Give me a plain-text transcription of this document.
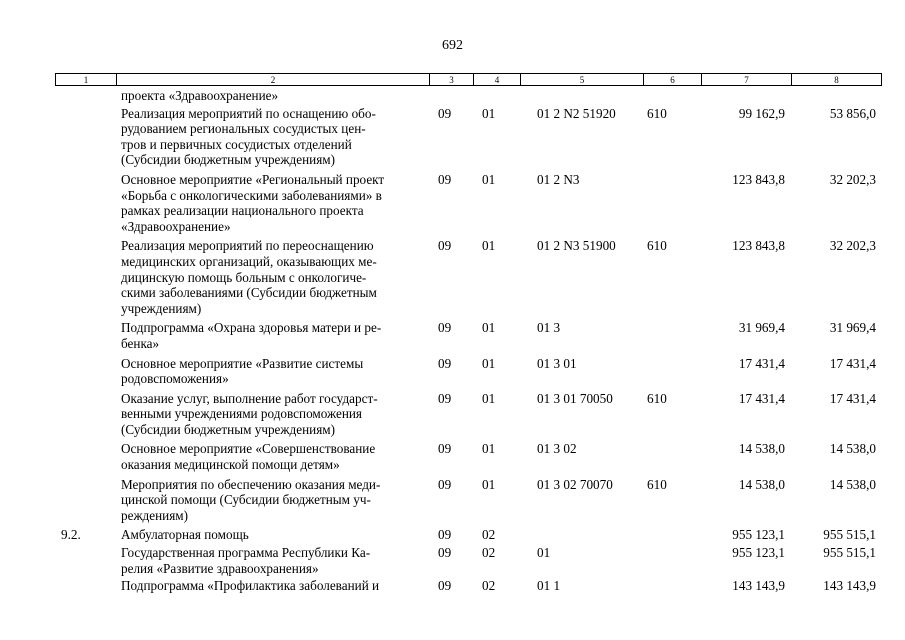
692
1	2	3	4	5	6	7	8

	проекта «Здравоохранение»						

	Реализация мероприятий по оснащению обо-
рудованием региональных сосудистых цен-
тров и первичных сосудистых отделений
(Субсидии бюджетным учреждениям)	09	01	01 2 N2 51920	610	99 162,9	53 856,0

	Основное мероприятие «Региональный проект
«Борьба с онкологическими заболеваниями» в
рамках реализации национального проекта
«Здравоохранение»	09	01	01 2 N3		123 843,8	32 202,3

	Реализация мероприятий по переоснащению
медицинских организаций, оказывающих ме-
дицинскую помощь больным с онкологиче-
скими заболеваниями (Субсидии бюджетным
учреждениям)	09	01	01 2 N3 51900	610	123 843,8	32 202,3

	Подпрограмма «Охрана здоровья матери и ре-
бенка»	09	01	01 3		31 969,4	31 969,4

	Основное мероприятие «Развитие системы
родовспоможения»	09	01	01 3 01		17 431,4	17 431,4

	Оказание услуг, выполнение работ государст-
венными учреждениями родовспоможения
(Субсидии бюджетным учреждениям)	09	01	01 3 01 70050	610	17 431,4	17 431,4

	Основное мероприятие «Совершенствование
оказания медицинской помощи детям»	09	01	01 3 02		14 538,0	14 538,0

	Мероприятия по обеспечению оказания меди-
цинской помощи (Субсидии бюджетным уч-
реждениям)	09	01	01 3 02 70070	610	14 538,0	14 538,0
9.2.	Амбулаторная помощь	09	02			955 123,1	955 515,1

	Государственная программа Республики Ка-
релия «Развитие здравоохранения»	09	02	01		955 123,1	955 515,1

	Подпрограмма «Профилактика заболеваний и	09	02	01 1		143 143,9	143 143,9
